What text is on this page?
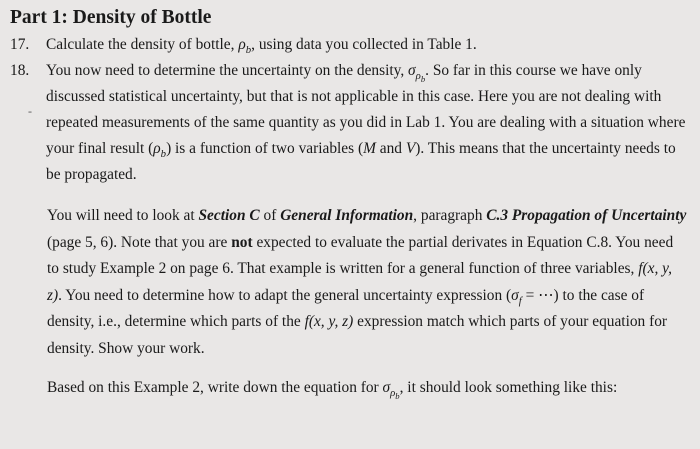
Part 1: Density of Bottle
17. Calculate the density of bottle, $\rho_b$, using data you collected in Table 1.
18. You now need to determine the uncertainty on the density, $\sigma_{\rho_b}$. So far in this course we have only discussed statistical uncertainty, but that is not applicable in this case. Here you are not dealing with repeated measurements of the same quantity as you did in Lab 1. You are dealing with a situation where your final result $(\rho_b)$ is a function of two variables (M and V). This means that the uncertainty needs to be propagated.
-

You will need to look at Section C of General Information, paragraph C.3 Propagation of Uncertainty (page 5, 6). Note that you are not expected to evaluate the partial derivates in Equation C.8. You need to study Example 2 on page 6. That example is written for a general function of three variables, f(x, y, z). You need to determine how to adapt the general uncertainty expression ($\sigma_f$ = ⋯) to the case of density, i.e., determine which parts of the f(x, y, z) expression match which parts of your equation for density. Show your work.

Based on this Example 2, write down the equation for $\sigma_{\rho_b}$, it should look something like this:
